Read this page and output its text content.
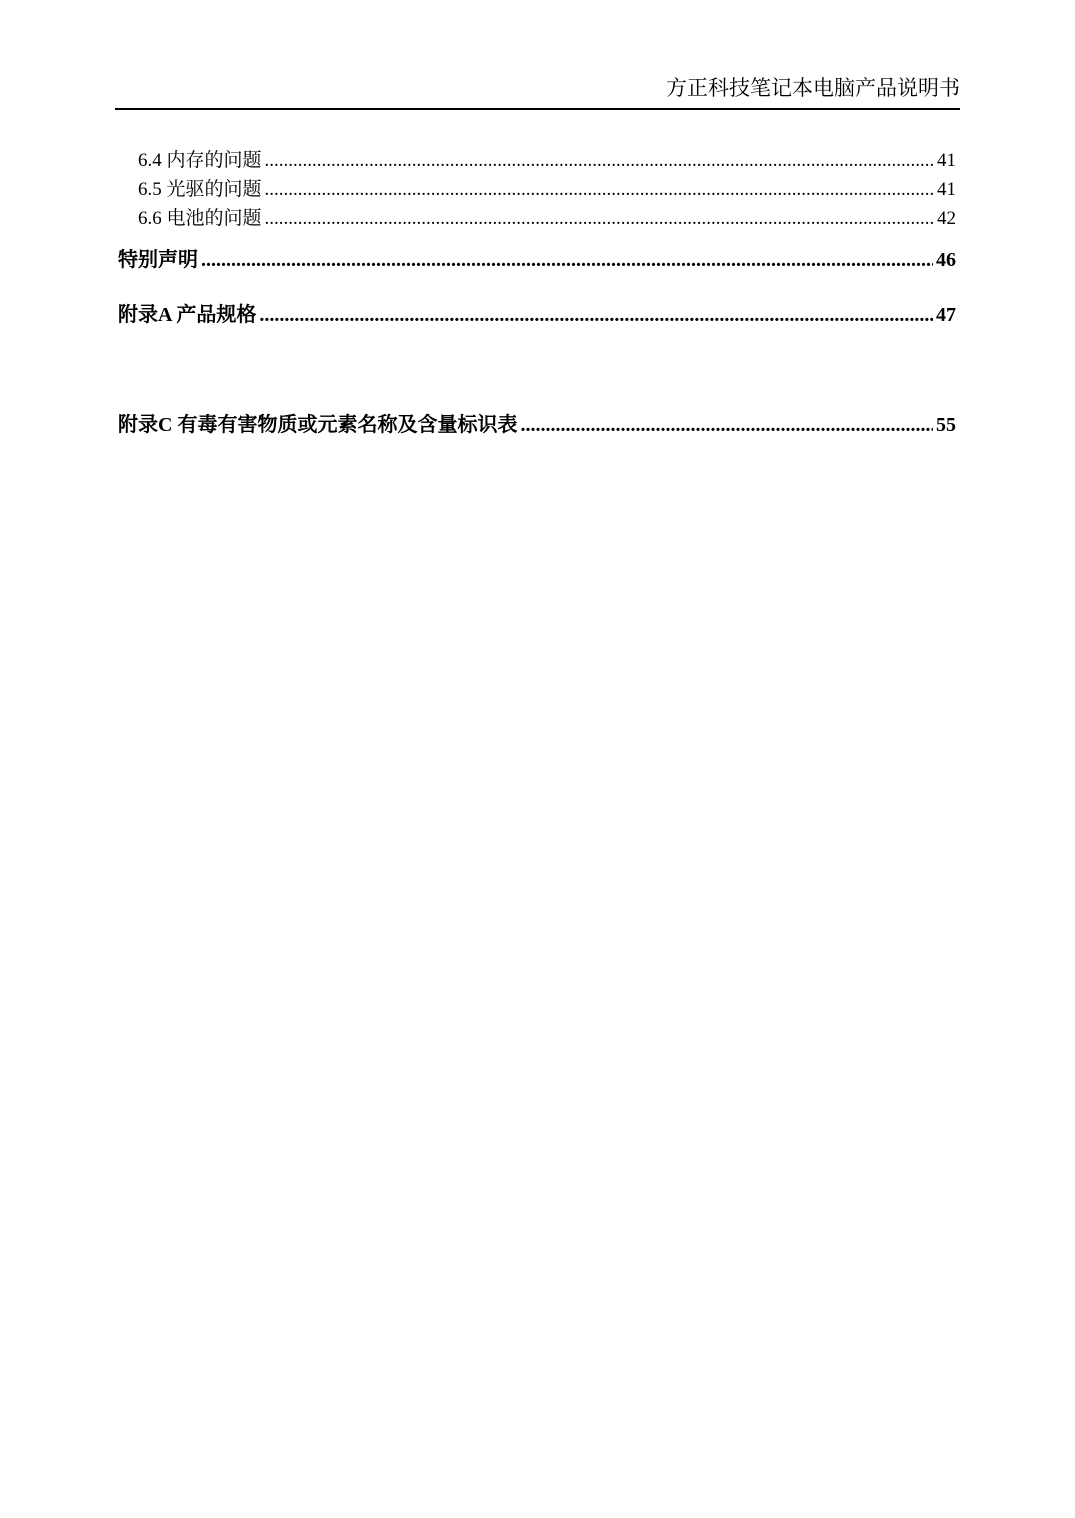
方正科技笔记本电脑产品说明书
6.4 内存的问题 .....	41
6.5 光驱的问题 .....	41
6.6 电池的问题 .....	42
特别声明 .....	46
附录A 产品规格 .....	47
附录C 有毒有害物质或元素名称及含量标识表 .....	55
